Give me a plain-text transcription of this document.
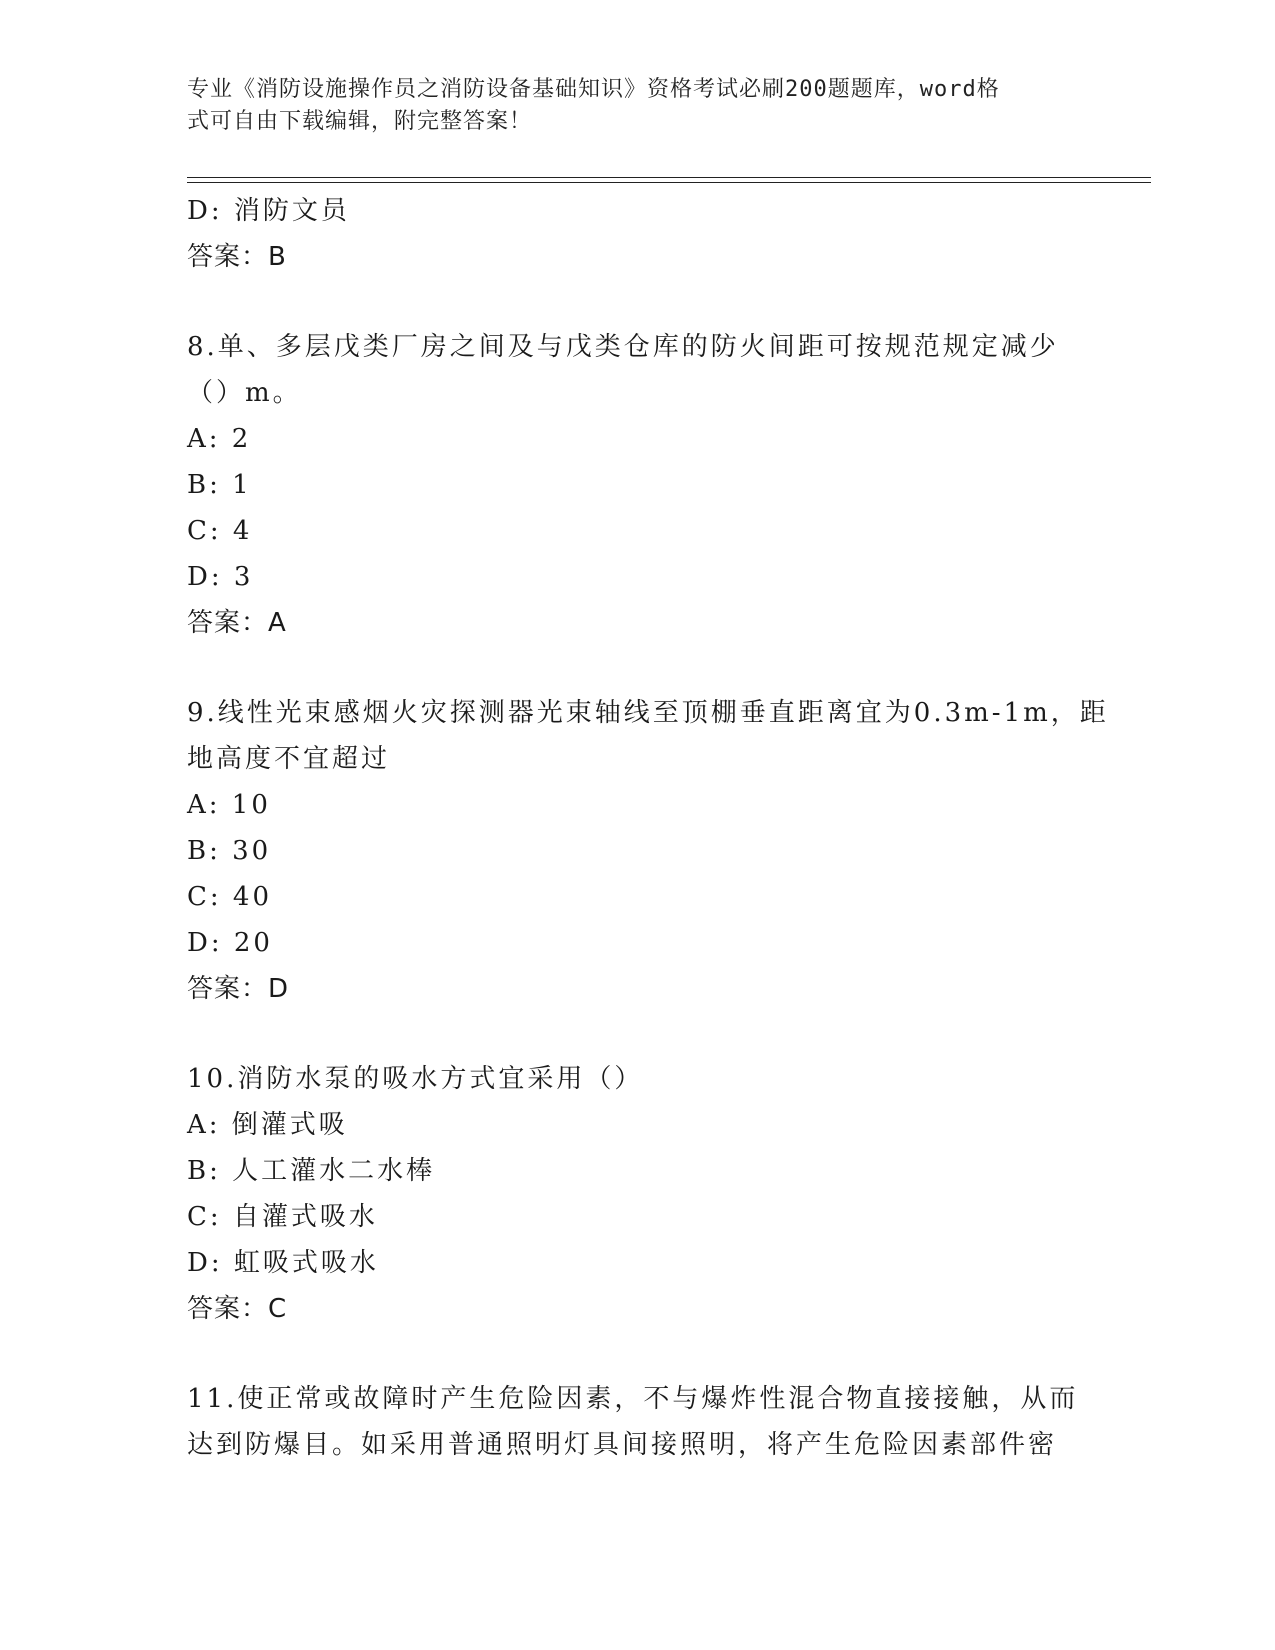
专业《消防设施操作员之消防设备基础知识》资格考试必刷200题题库，word格
式可自由下载编辑，附完整答案！
D: 消防文员
答案：B
8.单、多层戊类厂房之间及与戊类仓库的防火间距可按规范规定减少
（）m。
A: 2
B: 1
C: 4
D: 3
答案：A
9.线性光束感烟火灾探测器光束轴线至顶棚垂直距离宜为0.3m-1m，距
地高度不宜超过
A: 10
B: 30
C: 40
D: 20
答案：D
10.消防水泵的吸水方式宜采用（）
A: 倒灌式吸
B: 人工灌水二水棒
C: 自灌式吸水
D: 虹吸式吸水
答案：C
11.使正常或故障时产生危险因素，不与爆炸性混合物直接接触，从而
达到防爆目。如采用普通照明灯具间接照明，将产生危险因素部件密
